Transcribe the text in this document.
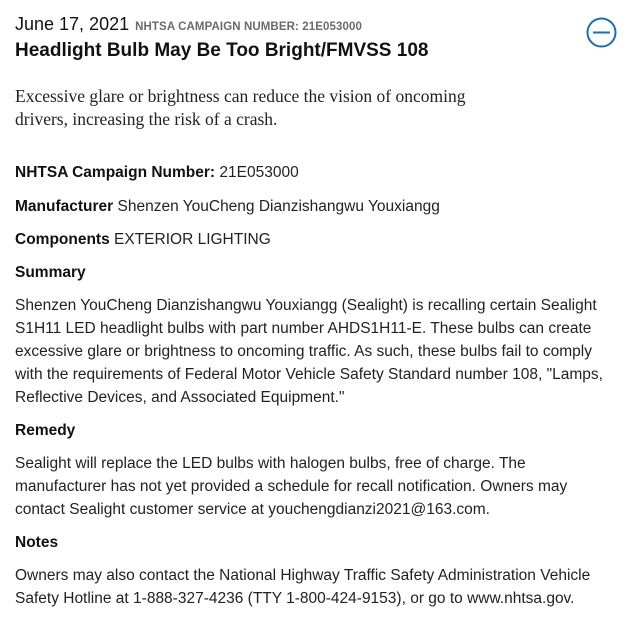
June 17, 2021 NHTSA CAMPAIGN NUMBER: 21E053000
Headlight Bulb May Be Too Bright/FMVSS 108

Excessive glare or brightness can reduce the vision of oncoming drivers, increasing the risk of a crash.

NHTSA Campaign Number: 21E053000

Manufacturer Shenzen YouCheng Dianzishangwu Youxiangg

Components EXTERIOR LIGHTING

Summary

Shenzen YouCheng Dianzishangwu Youxiangg (Sealight) is recalling certain Sealight S1H11 LED headlight bulbs with part number AHDS1H11-E. These bulbs can create excessive glare or brightness to oncoming traffic. As such, these bulbs fail to comply with the requirements of Federal Motor Vehicle Safety Standard number 108, "Lamps, Reflective Devices, and Associated Equipment."

Remedy

Sealight will replace the LED bulbs with halogen bulbs, free of charge. The manufacturer has not yet provided a schedule for recall notification. Owners may contact Sealight customer service at youchengdianzi2021@163.com.

Notes

Owners may also contact the National Highway Traffic Safety Administration Vehicle Safety Hotline at 1-888-327-4236 (TTY 1-800-424-9153), or go to www.nhtsa.gov.
